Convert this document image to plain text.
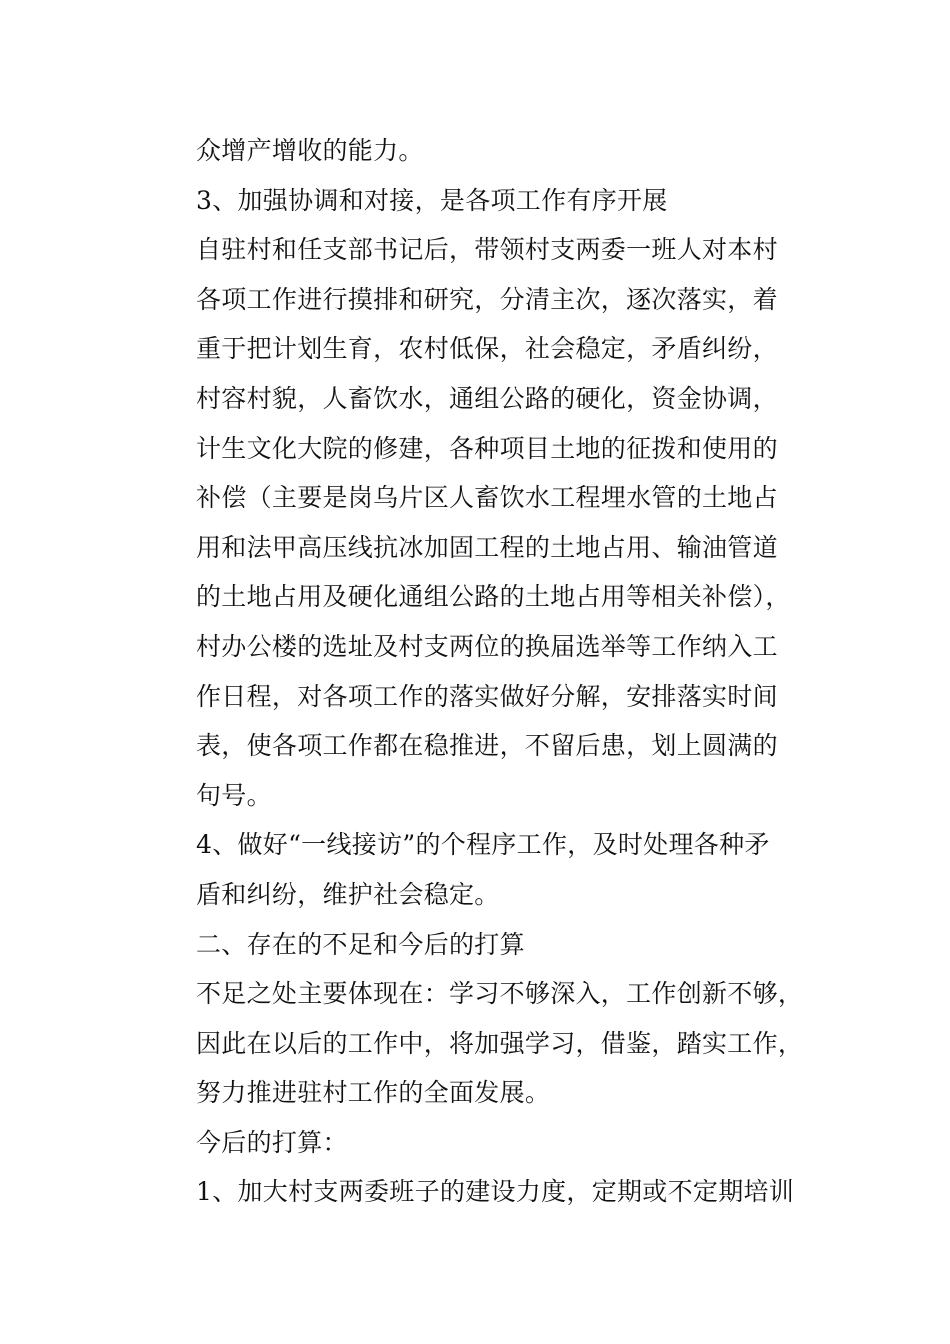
众增产增收的能力。
3、加强协调和对接，是各项工作有序开展
自驻村和任支部书记后，带领村支两委一班人对本村
各项工作进行摸排和研究，分清主次，逐次落实，着
重于把计划生育，农村低保，社会稳定，矛盾纠纷，
村容村貌，人畜饮水，通组公路的硬化，资金协调，
计生文化大院的修建，各种项目土地的征拨和使用的
补偿（主要是岗乌片区人畜饮水工程埋水管的土地占
用和法甲高压线抗冰加固工程的土地占用、输油管道
的土地占用及硬化通组公路的土地占用等相关补偿），
村办公楼的选址及村支两位的换届选举等工作纳入工
作日程，对各项工作的落实做好分解，安排落实时间
表，使各项工作都在稳推进，不留后患，划上圆满的
句号。
4、做好“一线接访”的个程序工作，及时处理各种矛
盾和纠纷，维护社会稳定。
二、存在的不足和今后的打算
不足之处主要体现在：学习不够深入，工作创新不够，
因此在以后的工作中，将加强学习，借鉴，踏实工作，
努力推进驻村工作的全面发展。
今后的打算：
1、加大村支两委班子的建设力度，定期或不定期培训
